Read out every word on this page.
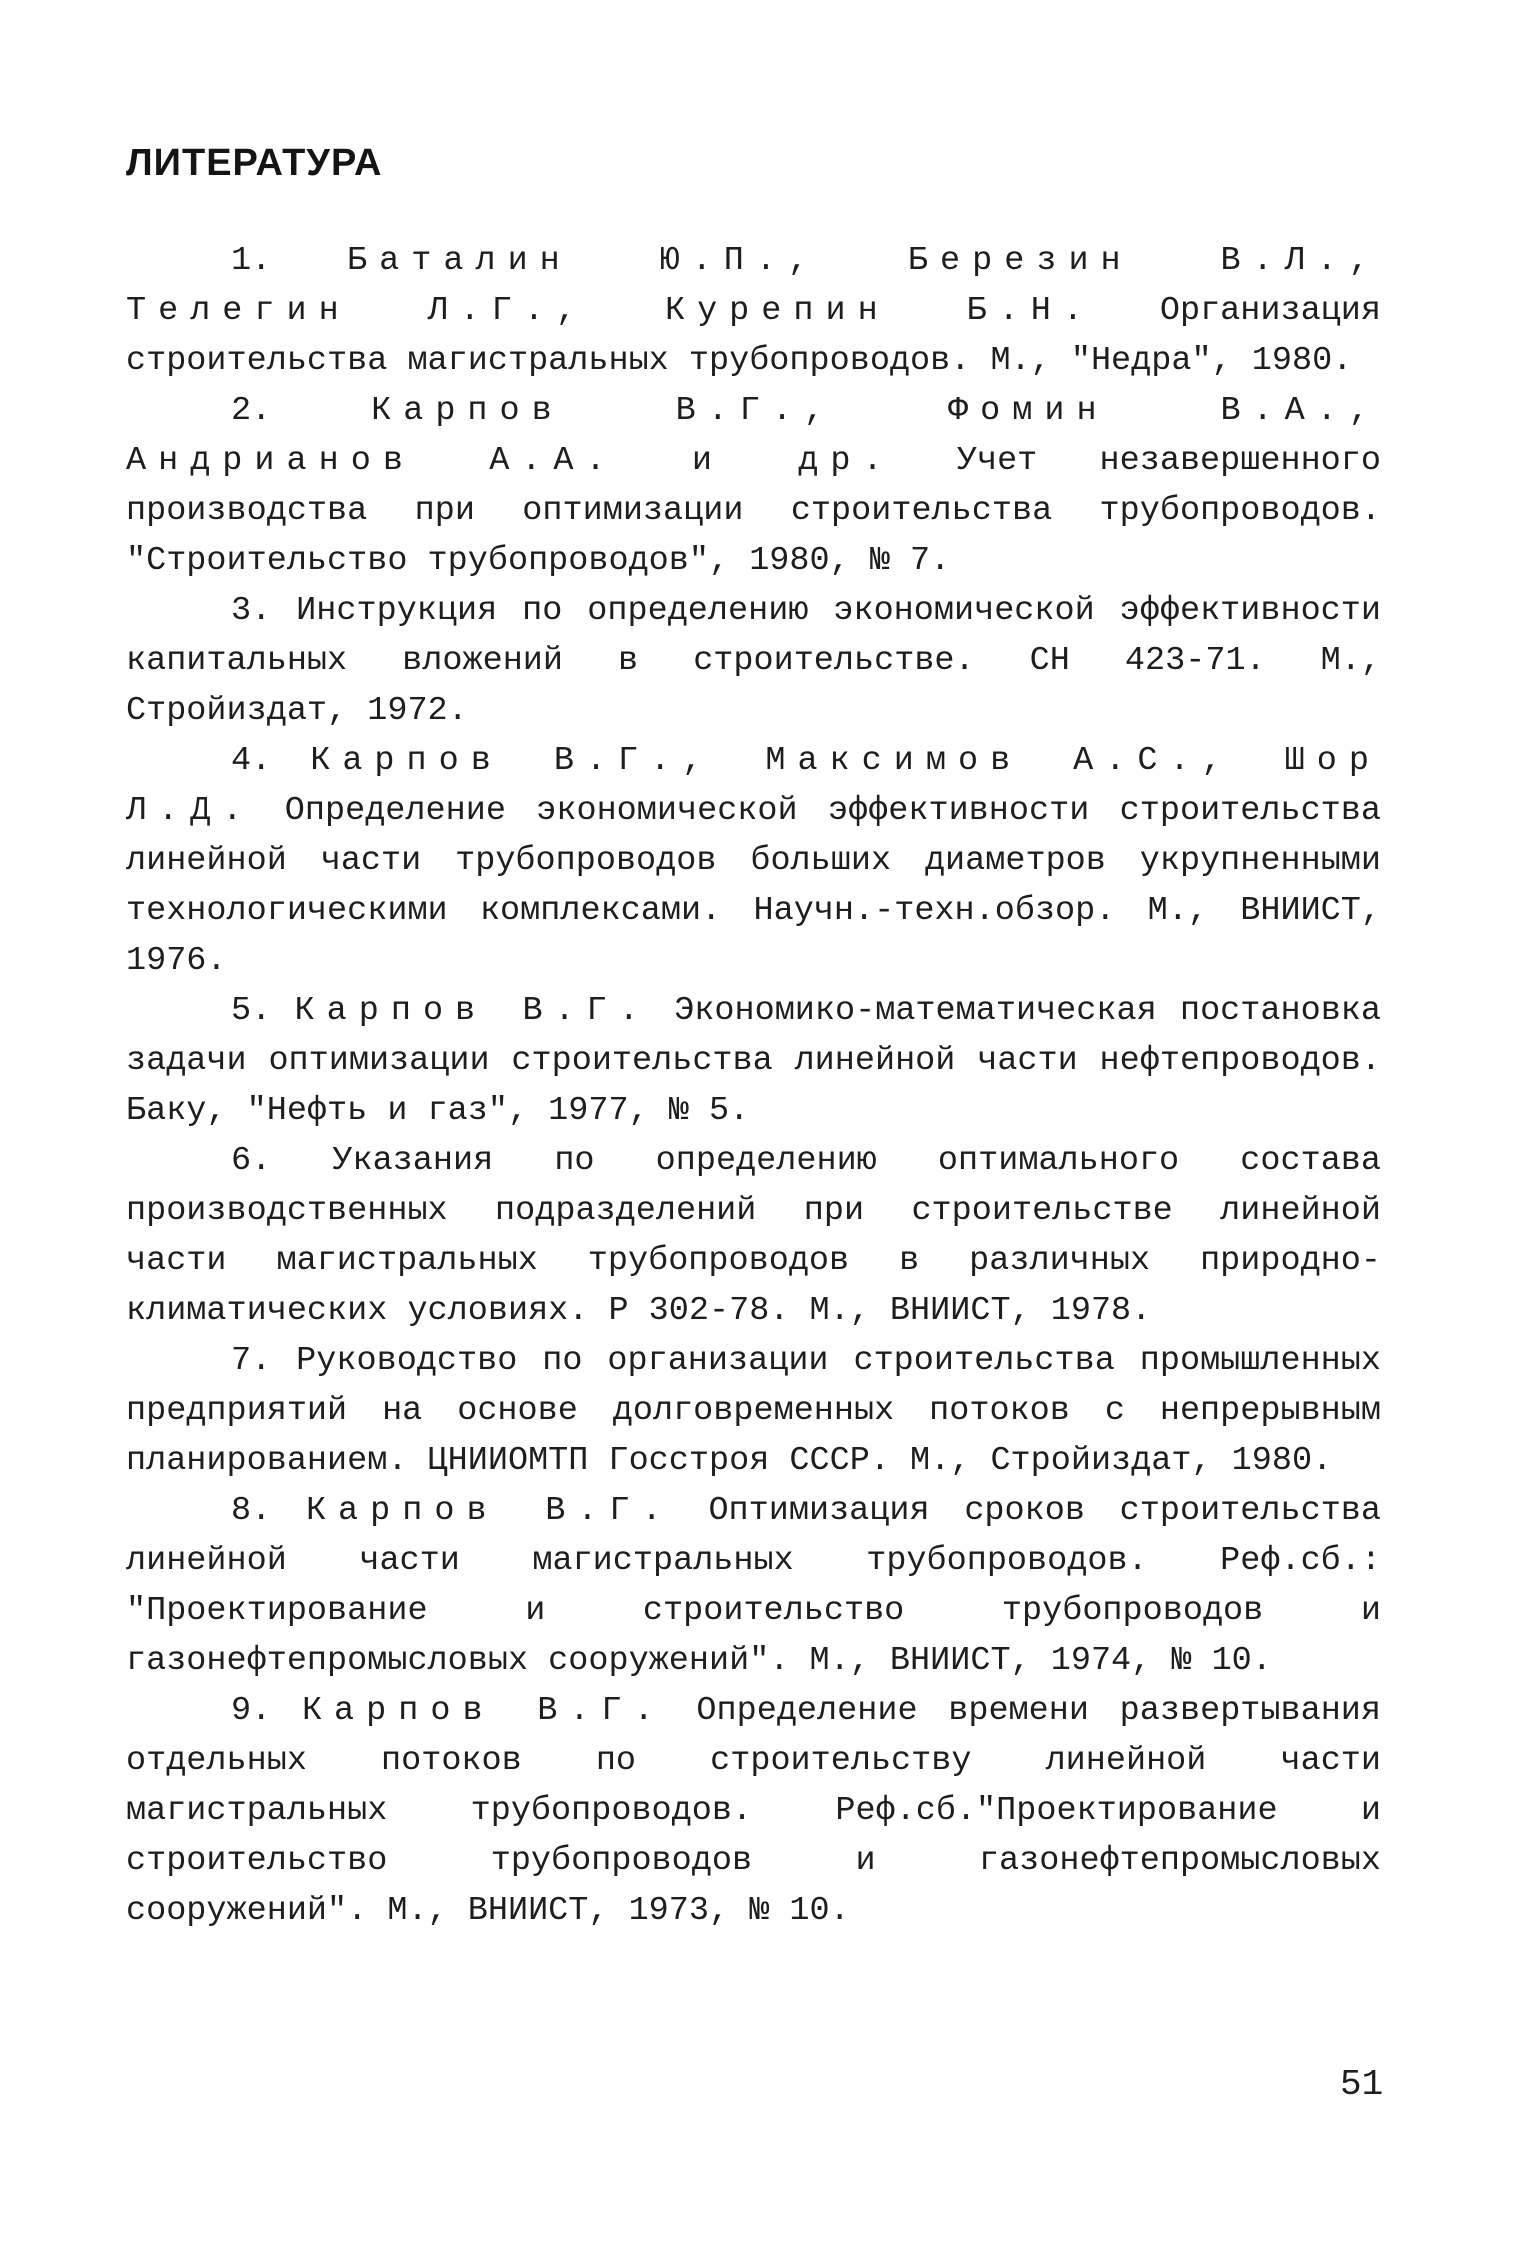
ЛИТЕРАТУРА

1. Баталин Ю.П., Березин В.Л., Телегин Л.Г., Курепин Б.Н. Организация строительства магистральных трубопроводов. М., "Недра", 1980.

2.	Карпов В.Г., Фомин В.А., Андрианов А.А. и др. Учет незавершенного производства при оптимизации строительства трубопроводов. "Строительство трубопроводов", 1980, № 7.

3. Инструкция по определению экономической эффективности капитальных вложений в строительстве. СН 423-71. М., Стройиздат, 1972.

4. Карпов В.Г., Максимов А.С., Шор Л.Д. Определение экономической эффективности строительства линейной части трубопроводов больших диаметров укрупненными технологическими комплексами. Научн.-техн.обзор. М., ВНИИСТ, 1976.

5. Карпов В.Г. Экономико-математическая постановка задачи оптимизации строительства линейной части нефтепроводов. Баку, "Нефть и газ", 1977, № 5.

6. Указания по определению оптимального состава производственных подразделений при строительстве линейной части магистральных трубопроводов в различных природно-климатических условиях. Р 302-78. М., ВНИИСТ, 1978.

7. Руководство по организации строительства промышленных предприятий на основе долговременных потоков с непрерывным планированием. ЦНИИОМТП Госстроя СССР. М., Стройиздат, 1980.

8. Карпов В.Г. Оптимизация сроков строительства линейной части магистральных трубопроводов. Реф.сб.: "Проектирование и строительство трубопроводов и газонефтепромысловых сооружений". М., ВНИИСТ, 1974, № 10.

9. Карпов В.Г. Определение времени развертывания отдельных потоков по строительству линейной части магистральных трубопроводов. Реф.сб."Проектирование и строительство трубопроводов и газонефтепромысловых сооружений". М., ВНИИСТ, 1973, № 10.

51
